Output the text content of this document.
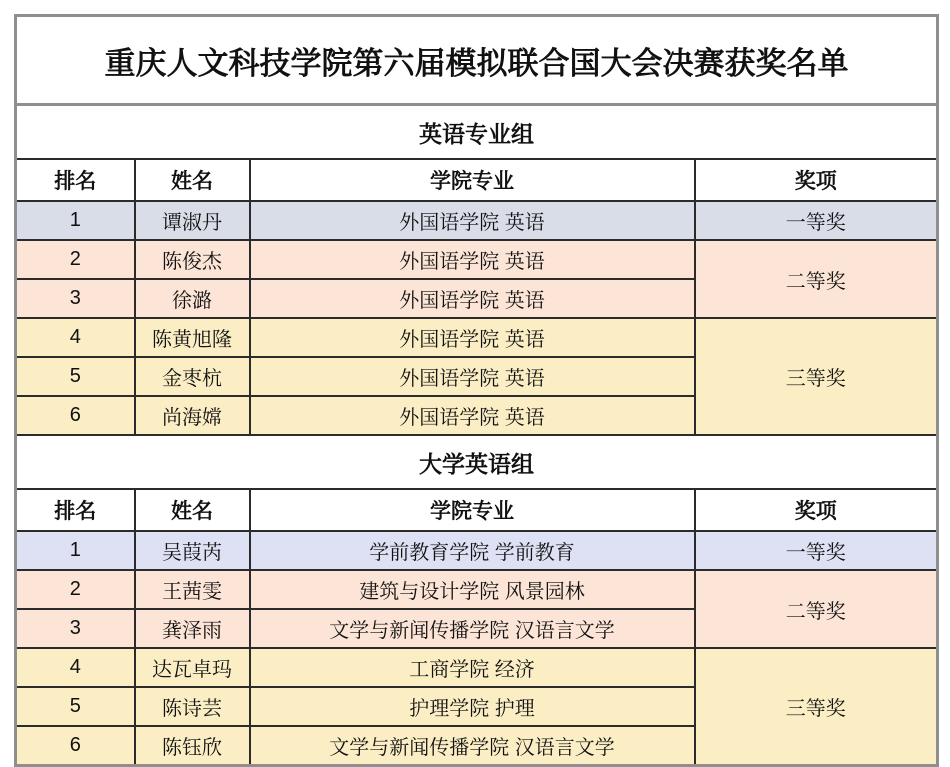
重庆人文科技学院第六届模拟联合国大会决赛获奖名单			
英语专业组			
排名	姓名	学院专业	奖项
1	谭淑丹	外国语学院 英语	一等奖
2	陈俊杰	外国语学院 英语	二等奖
3	徐潞	外国语学院 英语	
4	陈黄旭隆	外国语学院 英语	三等奖
5	金枣杭	外国语学院 英语	
6	尚海嫦	外国语学院 英语	
大学英语组			
排名	姓名	学院专业	奖项
1	吴葭芮	学前教育学院 学前教育	一等奖
2	王茜雯	建筑与设计学院 风景园林	二等奖
3	龚泽雨	文学与新闻传播学院 汉语言文学	
4	达瓦卓玛	工商学院 经济	三等奖
5	陈诗芸	护理学院 护理	
6	陈钰欣	文学与新闻传播学院 汉语言文学	
